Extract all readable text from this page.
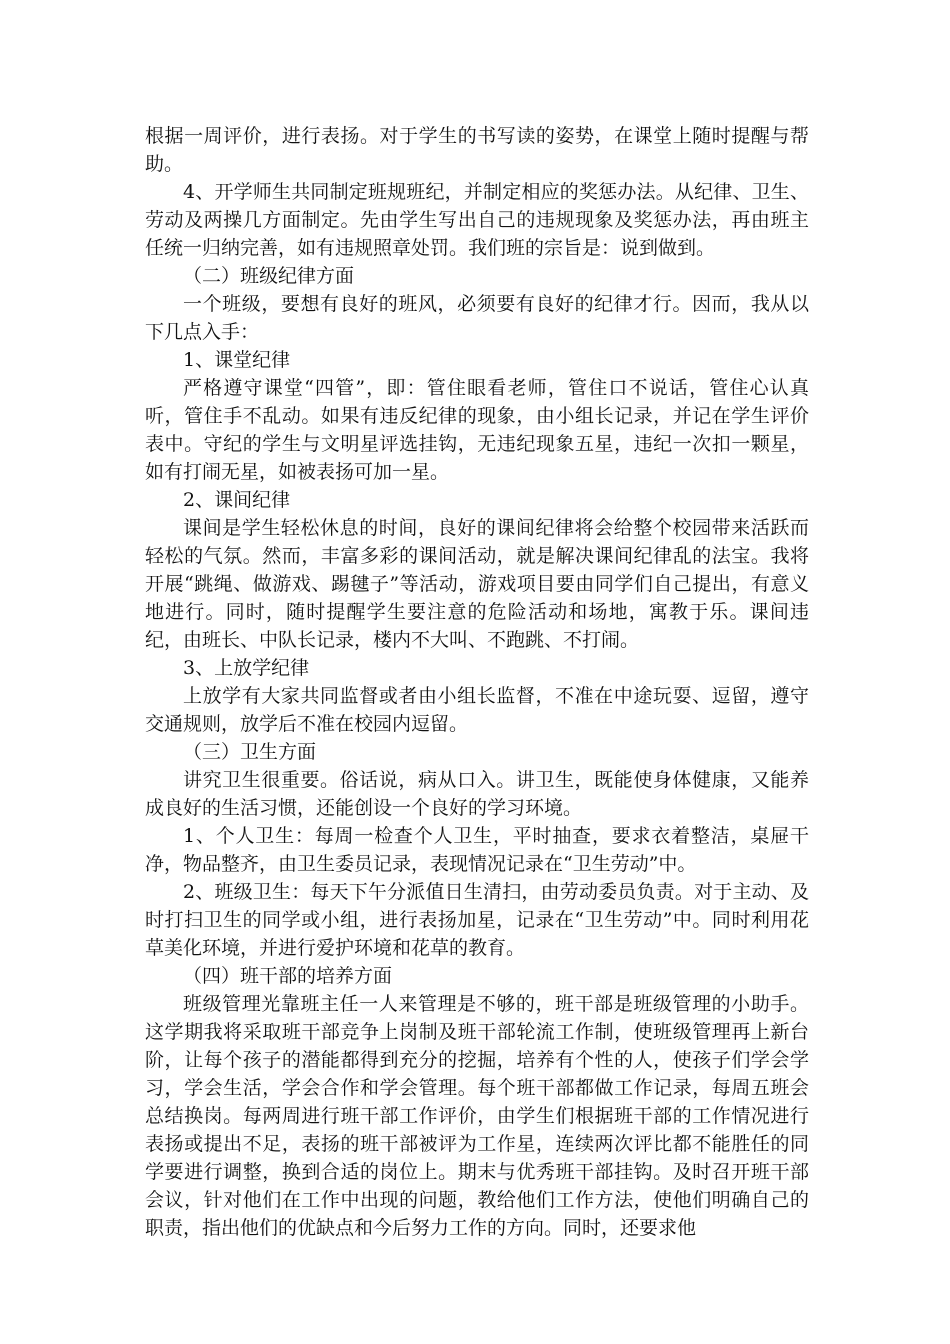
根据一周评价，进行表扬。对于学生的书写读的姿势，在课堂上随时提醒与帮助。

4、开学师生共同制定班规班纪，并制定相应的奖惩办法。从纪律、卫生、劳动及两操几方面制定。先由学生写出自己的违规现象及奖惩办法，再由班主任统一归纳完善，如有违规照章处罚。我们班的宗旨是：说到做到。

（二）班级纪律方面

一个班级，要想有良好的班风，必须要有良好的纪律才行。因而，我从以下几点入手：

1、课堂纪律

严格遵守课堂“四管”，即：管住眼看老师，管住口不说话，管住心认真听，管住手不乱动。如果有违反纪律的现象，由小组长记录，并记在学生评价表中。守纪的学生与文明星评选挂钩，无违纪现象五星，违纪一次扣一颗星，如有打闹无星，如被表扬可加一星。

2、课间纪律

课间是学生轻松休息的时间，良好的课间纪律将会给整个校园带来活跃而轻松的气氛。然而，丰富多彩的课间活动，就是解决课间纪律乱的法宝。我将开展“跳绳、做游戏、踢毽子”等活动，游戏项目要由同学们自己提出，有意义地进行。同时，随时提醒学生要注意的危险活动和场地，寓教于乐。课间违纪，由班长、中队长记录，楼内不大叫、不跑跳、不打闹。

3、上放学纪律

上放学有大家共同监督或者由小组长监督，不准在中途玩耍、逗留，遵守交通规则，放学后不准在校园内逗留。

（三）卫生方面

讲究卫生很重要。俗话说，病从口入。讲卫生，既能使身体健康，又能养成良好的生活习惯，还能创设一个良好的学习环境。

1、个人卫生：每周一检查个人卫生，平时抽查，要求衣着整洁，桌屉干净，物品整齐，由卫生委员记录，表现情况记录在“卫生劳动”中。

2、班级卫生：每天下午分派值日生清扫，由劳动委员负责。对于主动、及时打扫卫生的同学或小组，进行表扬加星，记录在“卫生劳动”中。同时利用花草美化环境，并进行爱护环境和花草的教育。

（四）班干部的培养方面

班级管理光靠班主任一人来管理是不够的，班干部是班级管理的小助手。这学期我将采取班干部竞争上岗制及班干部轮流工作制，使班级管理再上新台阶，让每个孩子的潜能都得到充分的挖掘，培养有个性的人，使孩子们学会学习，学会生活，学会合作和学会管理。每个班干部都做工作记录，每周五班会总结换岗。每两周进行班干部工作评价，由学生们根据班干部的工作情况进行表扬或提出不足，表扬的班干部被评为工作星，连续两次评比都不能胜任的同学要进行调整，换到合适的岗位上。期末与优秀班干部挂钩。及时召开班干部会议，针对他们在工作中出现的问题，教给他们工作方法，使他们明确自己的职责，指出他们的优缺点和今后努力工作的方向。同时，还要求他
